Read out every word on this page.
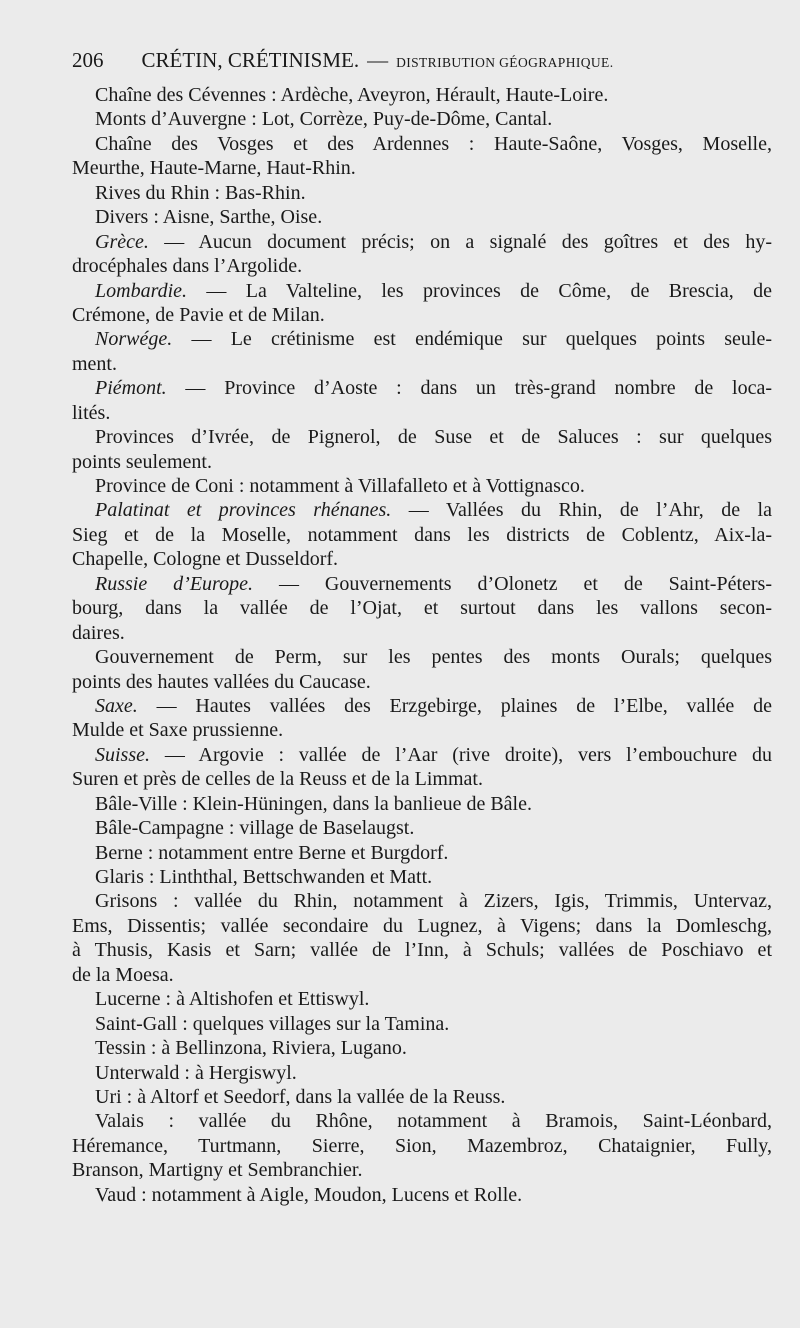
206 CRÉTIN, CRÉTINISME. — DISTRIBUTION GÉOGRAPHIQUE.
Chaîne des Cévennes : Ardèche, Aveyron, Hérault, Haute-Loire.
Monts d’Auvergne : Lot, Corrèze, Puy-de-Dôme, Cantal.
Chaîne des Vosges et des Ardennes : Haute-Saône, Vosges, Moselle,
Meurthe, Haute-Marne, Haut-Rhin.
Rives du Rhin : Bas-Rhin.
Divers : Aisne, Sarthe, Oise.
Grèce. — Aucun document précis; on a signalé des goîtres et des hy-
drocéphales dans l’Argolide.
Lombardie. — La Valteline, les provinces de Côme, de Brescia, de
Crémone, de Pavie et de Milan.
Norwége. — Le crétinisme est endémique sur quelques points seule-
ment.
Piémont. — Province d’Aoste : dans un très-grand nombre de loca-
lités.
Provinces d’Ivrée, de Pignerol, de Suse et de Saluces : sur quelques
points seulement.
Province de Coni : notamment à Villafalleto et à Vottignasco.
Palatinat et provinces rhénanes. — Vallées du Rhin, de l’Ahr, de la
Sieg et de la Moselle, notamment dans les districts de Coblentz, Aix-la-
Chapelle, Cologne et Dusseldorf.
Russie d’Europe. — Gouvernements d’Olonetz et de Saint-Péters-
bourg, dans la vallée de l’Ojat, et surtout dans les vallons secon-
daires.
Gouvernement de Perm, sur les pentes des monts Ourals; quelques
points des hautes vallées du Caucase.
Saxe. — Hautes vallées des Erzgebirge, plaines de l’Elbe, vallée de
Mulde et Saxe prussienne.
Suisse. — Argovie : vallée de l’Aar (rive droite), vers l’embouchure du
Suren et près de celles de la Reuss et de la Limmat.
Bâle-Ville : Klein-Hüningen, dans la banlieue de Bâle.
Bâle-Campagne : village de Baselaugst.
Berne : notamment entre Berne et Burgdorf.
Glaris : Linththal, Bettschwanden et Matt.
Grisons : vallée du Rhin, notamment à Zizers, Igis, Trimmis, Untervaz,
Ems, Dissentis; vallée secondaire du Lugnez, à Vigens; dans la Domleschg,
à Thusis, Kasis et Sarn; vallée de l’Inn, à Schuls; vallées de Poschiavo et
de la Moesa.
Lucerne : à Altishofen et Ettiswyl.
Saint-Gall : quelques villages sur la Tamina.
Tessin : à Bellinzona, Riviera, Lugano.
Unterwald : à Hergiswyl.
Uri : à Altorf et Seedorf, dans la vallée de la Reuss.
Valais : vallée du Rhône, notamment à Bramois, Saint-Léonbard,
Héremance, Turtmann, Sierre, Sion, Mazembroz, Chataignier, Fully,
Branson, Martigny et Sembranchier.
Vaud : notamment à Aigle, Moudon, Lucens et Rolle.
